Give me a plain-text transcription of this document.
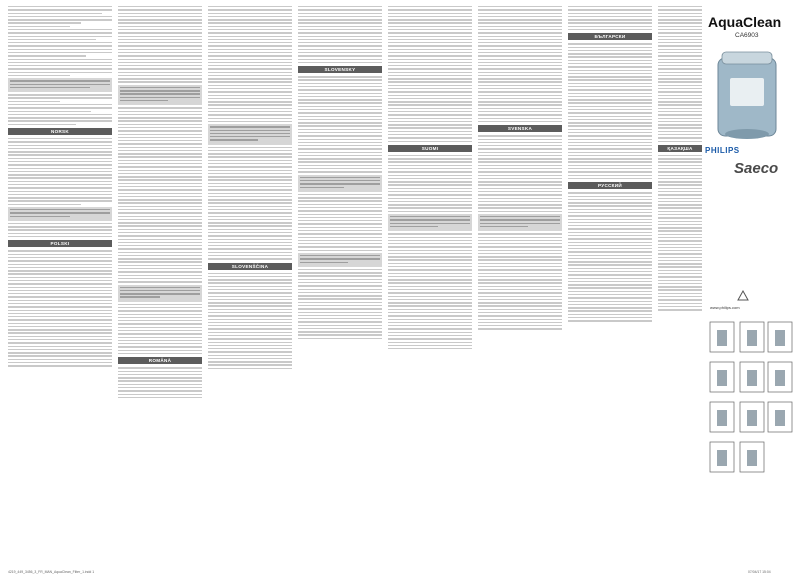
AquaClean
CA6903
PHILIPS
Saeco
www.philips.com
NORSK
POLSKI
ROMÂNĂ
SLOVENŠČINA
SLOVENSKY
SUOMI
SVENSKA
БЪЛГАРСКИ
РУССКИЙ
ҚАЗАҚША
4219_449_3456_3_FR_MAN_AquaClean_Filter_1.indd 1	07/04/17 15:04
